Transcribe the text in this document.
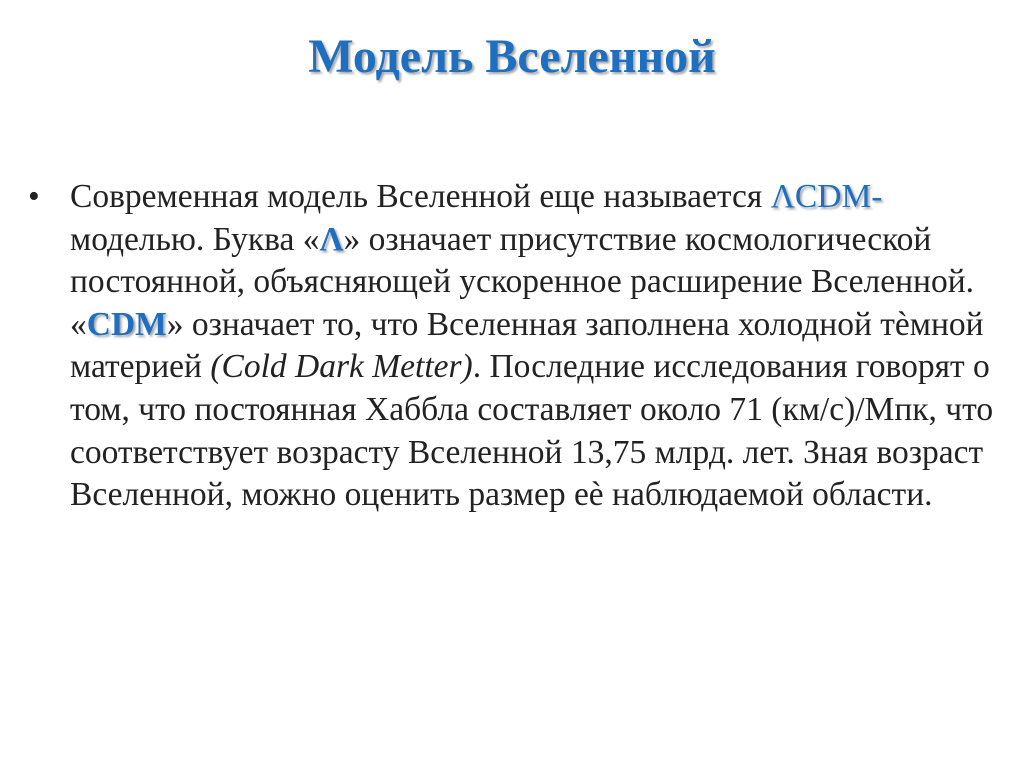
Модель Вселенной
• Современная модель Вселенной еще называется ΛCDM-моделью. Буква «Λ» означает присутствие космологической постоянной, объясняющей ускоренное расширение Вселенной. «CDM» означает то, что Вселенная заполнена холодной тѐмной материей (Cold Dark Metter). Последние исследования говорят о том, что постоянная Хаббла составляет около 71 (км/с)/Мпк, что соответствует возрасту Вселенной 13,75 млрд. лет. Зная возраст Вселенной, можно оценить размер еѐ наблюдаемой области.
